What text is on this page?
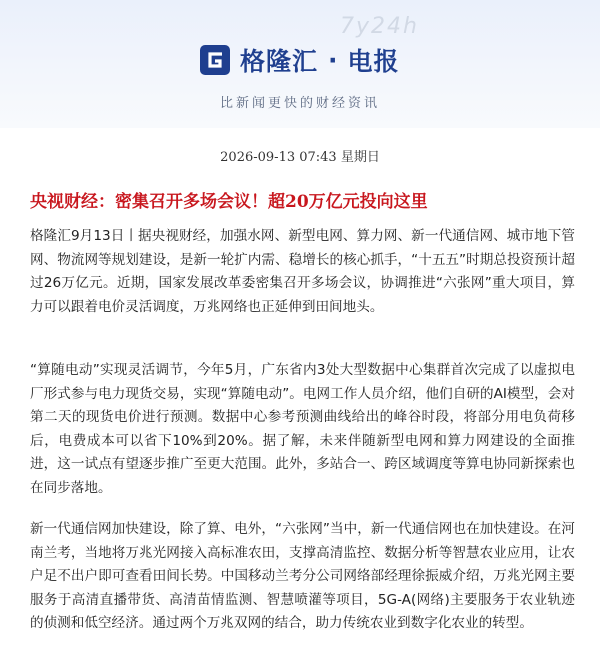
7y24h
格隆汇 · 电报
比新闻更快的财经资讯
2026-09-13 07:43 星期日
央视财经：密集召开多场会议！超20万亿元投向这里
格隆汇9月13日丨据央视财经，加强水网、新型电网、算力网、新一代通信网、城市地下管网、物流网等规划建设，是新一轮扩内需、稳增长的核心抓手，“十五五”时期总投资预计超过26万亿元。近期，国家发展改革委密集召开多场会议，协调推进“六张网”重大项目，算力可以跟着电价灵活调度，万兆网络也正延伸到田间地头。
“算随电动”实现灵活调节，今年5月，广东省内3处大型数据中心集群首次完成了以虚拟电厂形式参与电力现货交易，实现“算随电动”。电网工作人员介绍，他们自研的AI模型，会对第二天的现货电价进行预测。数据中心参考预测曲线给出的峰谷时段，将部分用电负荷移后，电费成本可以省下10%到20%。据了解，未来伴随新型电网和算力网建设的全面推进，这一试点有望逐步推广至更大范围。此外，多站合一、跨区域调度等算电协同新探索也在同步落地。
新一代通信网加快建设，除了算、电外，“六张网”当中，新一代通信网也在加快建设。在河南兰考，当地将万兆光网接入高标准农田，支撑高清监控、数据分析等智慧农业应用，让农户足不出户即可查看田间长势。中国移动兰考分公司网络部经理徐振威介绍，万兆光网主要服务于高清直播带货、高清苗情监测、智慧喷灌等项目，5G-A(网络)主要服务于农业轨迹的侦测和低空经济。通过两个万兆双网的结合，助力传统农业到数字化农业的转型。
